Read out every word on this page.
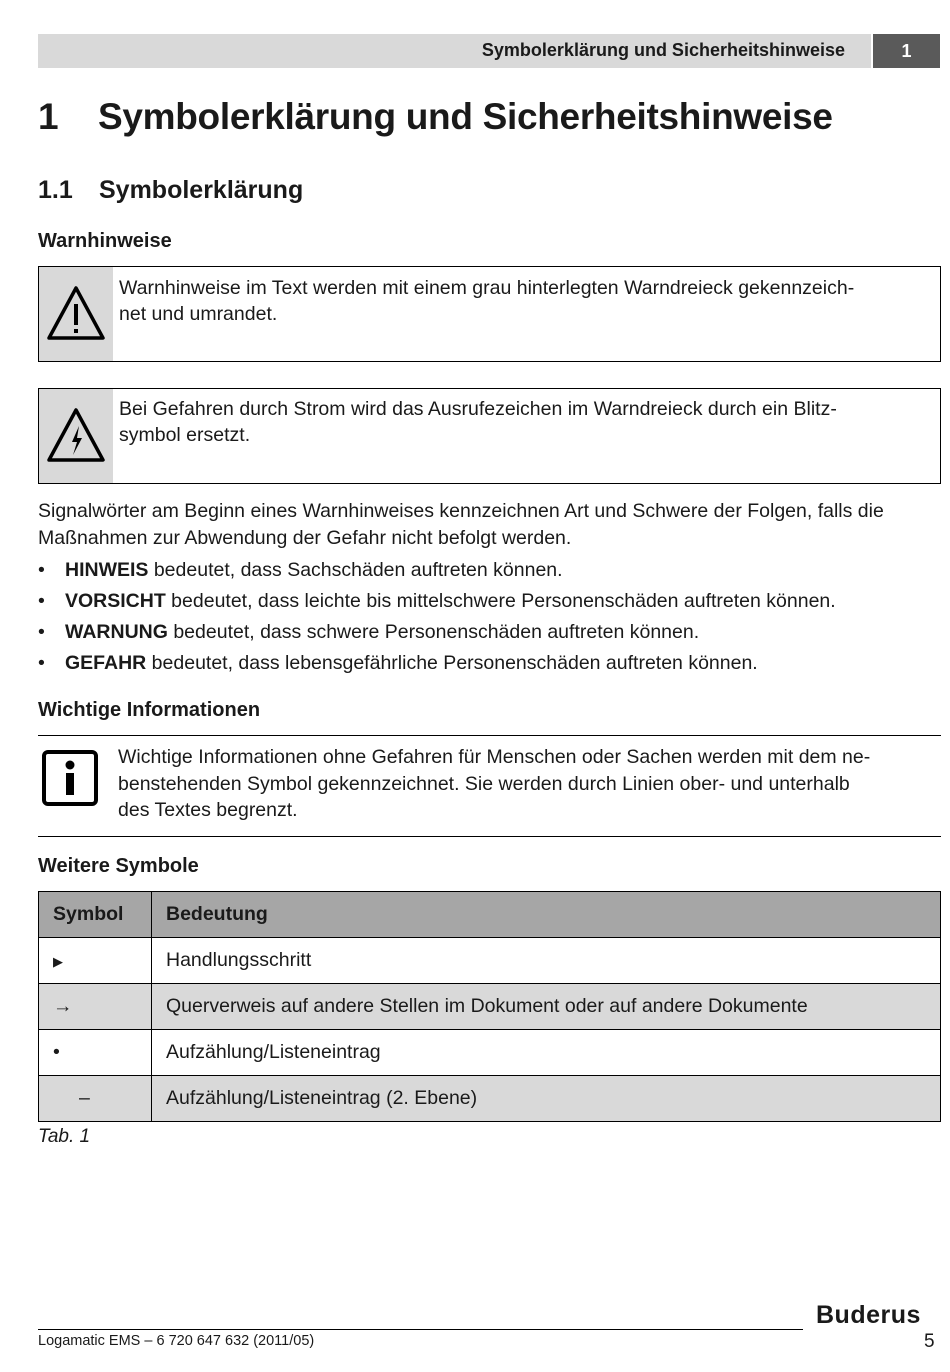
Symbolerklärung und Sicherheitshinweise	1
1 Symbolerklärung und Sicherheitshinweise
1.1 Symbolerklärung
Warnhinweise
Warnhinweise im Text werden mit einem grau hinterlegten Warndreieck gekennzeich-
net und umrandet.
Bei Gefahren durch Strom wird das Ausrufezeichen im Warndreieck durch ein Blitz-
symbol ersetzt.
Signalwörter am Beginn eines Warnhinweises kennzeichnen Art und Schwere der Folgen, falls die
Maßnahmen zur Abwendung der Gefahr nicht befolgt werden.
• HINWEIS bedeutet, dass Sachschäden auftreten können.
• VORSICHT bedeutet, dass leichte bis mittelschwere Personenschäden auftreten können.
• WARNUNG bedeutet, dass schwere Personenschäden auftreten können.
• GEFAHR bedeutet, dass lebensgefährliche Personenschäden auftreten können.
Wichtige Informationen
Wichtige Informationen ohne Gefahren für Menschen oder Sachen werden mit dem ne-
benstehenden Symbol gekennzeichnet. Sie werden durch Linien ober- und unterhalb
des Textes begrenzt.
Weitere Symbole
Symbol	Bedeutung
▶	Handlungsschritt
→	Querverweis auf andere Stellen im Dokument oder auf andere Dokumente
•	Aufzählung/Listeneintrag
–	Aufzählung/Listeneintrag (2. Ebene)
Tab. 1
Logamatic EMS – 6 720 647 632 (2011/05)
Buderus
5
